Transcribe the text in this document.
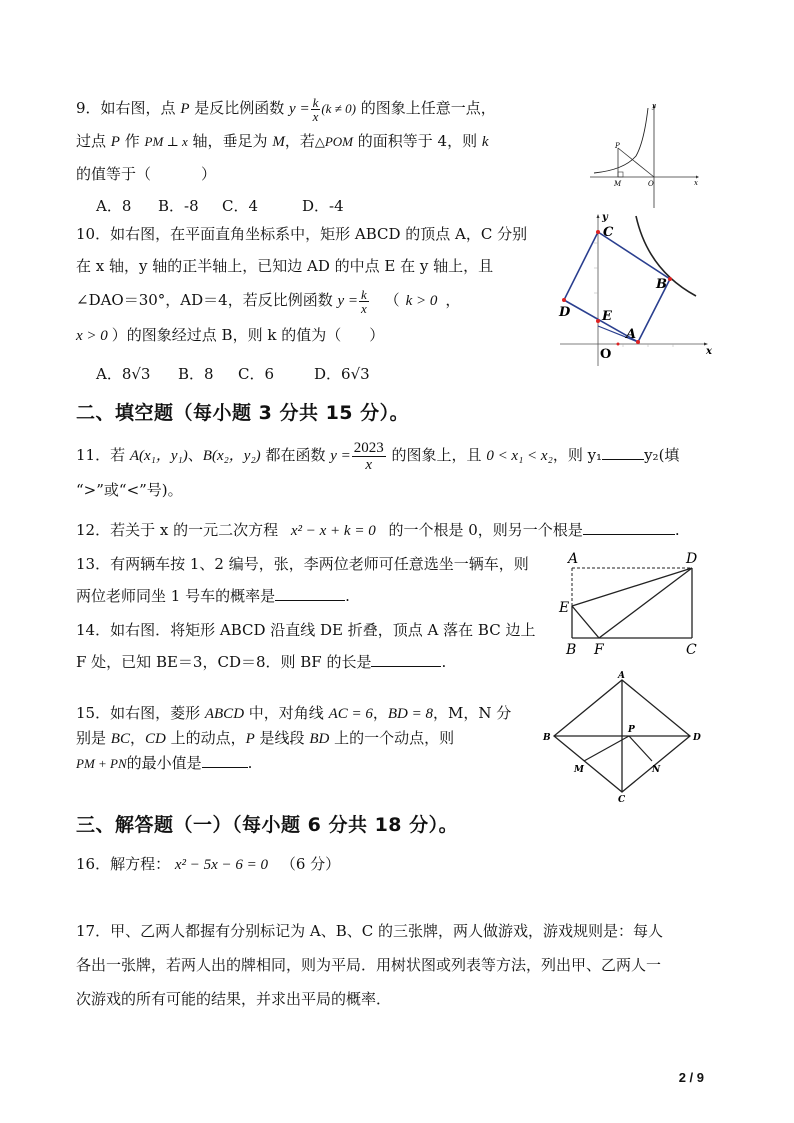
9．如右图，点 P 是反比例函数 $y = \frac{k}{x} (k \ne 0)$ 的图象上任意一点，
过点 P 作 PM ⊥ x 轴，垂足为 M，若△POM 的面积等于 4，则 k
的值等于（	）
A．8 B．-8 C．4	D．-4
y
x
P
M	O
10．如右图，在平面直角坐标系中，矩形 ABCD 的顶点 A，C 分别
在 x 轴，y 轴的正半轴上，已知边 AD 的中点 E 在 y 轴上，且
∠DAO＝30°，AD＝4，若反比例函数 $y = \frac{k}{x}$ （ k > 0 ，
x > 0 ）的图象经过点 B，则 k 的值为（ ）
A．8√3 B．8 C．6	D．6√3
y
x
C
B
A
D E
O
二、填空题（每小题 3 分共 15 分）。
11．若 A(x₁，y₁)、B(x₂，y₂) 都在函数 $y = \frac{2023}{x}$ 的图象上，且 0 < x₁ < x₂，则 y₁	y₂(填
“>”或“<”号)。
12．若关于 x 的一元二次方程 x² − x + k = 0 的一个根是 0，则另一个根是	.
13．有两辆车按 1、2 编号，张，李两位老师可任意选坐一辆车，则
两位老师同坐 1 号车的概率是	.
14．如右图．将矩形 ABCD 沿直线 DE 折叠，顶点 A 落在 BC 边上
F 处，已知 BE＝3，CD＝8．则 BF 的长是	.
A	D
E
B F	C
15．如右图，菱形 ABCD 中，对角线 AC = 6，BD = 8，M，N 分
别是 BC，CD 上的动点，P 是线段 BD 上的一个动点，则
PM + PN的最小值是	.
A
B	D
C
P
M	N
三、解答题（一）（每小题 6 分共 18 分）。
16．解方程： x² − 5x − 6 = 0 （6 分）
17．甲、乙两人都握有分别标记为 A、B、C 的三张牌，两人做游戏，游戏规则是：每人
各出一张牌，若两人出的牌相同，则为平局．用树状图或列表等方法，列出甲、乙两人一
次游戏的所有可能的结果，并求出平局的概率．
2 / 9
